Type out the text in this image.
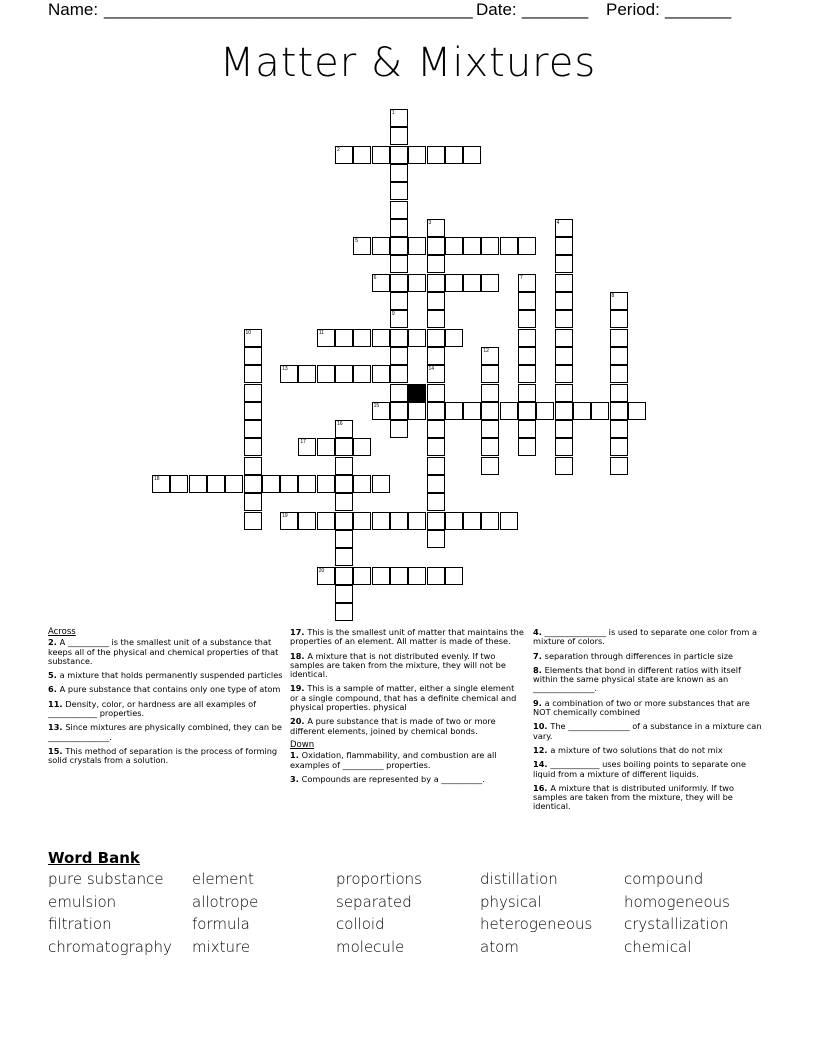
Name: _______________________________________ Date: _______ Period: _______
Matter & Mixtures
1
9
2
3
14
4
5
6	7
8
10	11
12
13
15
16
17
18
19
20
Across
2. A __________ is the smallest unit of a substance that keeps all of the physical and chemical properties of that substance.
5. a mixture that holds permanently suspended particles
6. A pure substance that contains only one type of atom
11. Density, color, or hardness are all examples of ____________ properties.
13. Since mixtures are physically combined, they can be _______________.
15. This method of separation is the process of forming solid crystals from a solution.
17. This is the smallest unit of matter that maintains the properties of an element. All matter is made of these.
18. A mixture that is not distributed evenly. If two samples are taken from the mixture, they will not be identical.
19. This is a sample of matter, either a single element or a single compound, that has a definite chemical and physical properties. physical
20. A pure substance that is made of two or more different elements, joined by chemical bonds.
Down
1. Oxidation, flammability, and combustion are all examples of __________ properties.
3. Compounds are represented by a __________.
4. _______________ is used to separate one color from a mixture of colors.
7. separation through differences in particle size
8. Elements that bond in different ratios with itself within the same physical state are known as an _______________.
9. a combination of two or more substances that are NOT chemically combined
10. The _______________ of a substance in a mixture can vary.
12. a mixture of two solutions that do not mix
14. ____________ uses boiling points to separate one liquid from a mixture of different liquids.
16. A mixture that is distributed uniformly. If two samples are taken from the mixture, they will be identical.
Word Bank
pure substance
emulsion
filtration
chromatography
element
allotrope
formula
mixture
proportions
separated
colloid
molecule
distillation
physical
heterogeneous
atom
compound
homogeneous
crystallization
chemical
